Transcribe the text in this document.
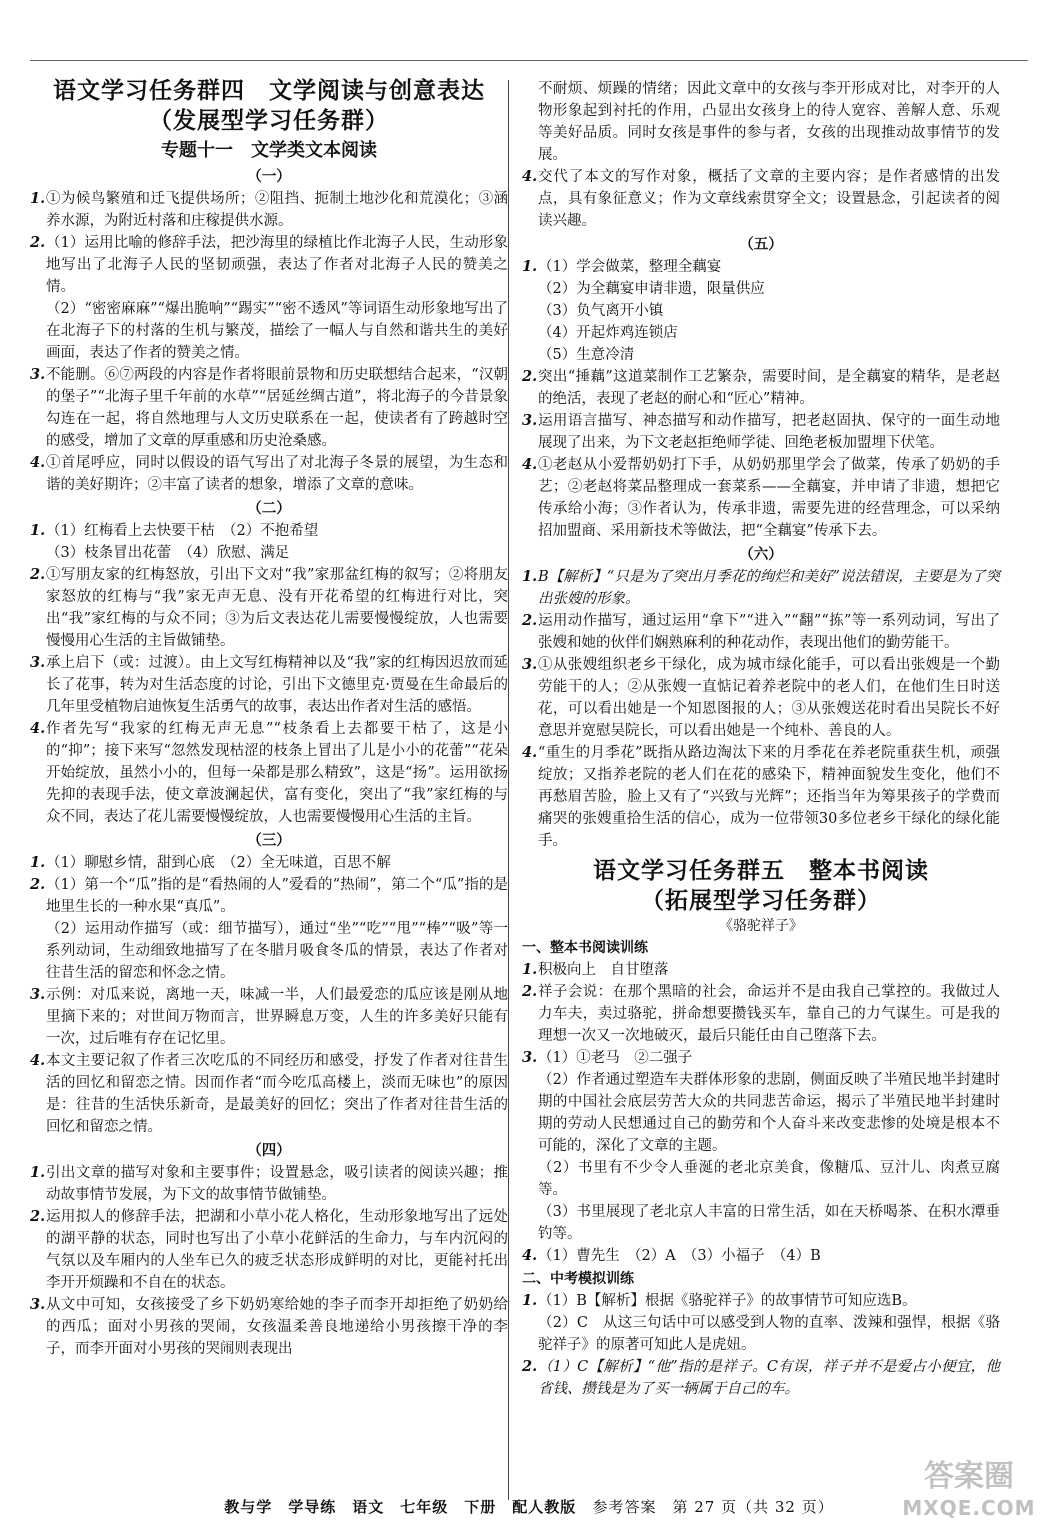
语文学习任务群四　文学阅读与创意表达

（发展型学习任务群）

专题十一　文学类文本阅读

（一）

1. ①为候鸟繁殖和迁飞提供场所；②阻挡、扼制土地沙化和荒漠化；③涵养水源，为附近村落和庄稼提供水源。
2. （1）运用比喻的修辞手法，把沙海里的绿植比作北海子人民，生动形象地写出了北海子人民的坚韧顽强，表达了作者对北海子人民的赞美之情。

（2）“密密麻麻”“爆出脆响”“踢实”“密不透风”等词语生动形象地写出了在北海子下的村落的生机与繁茂，描绘了一幅人与自然和谐共生的美好画面，表达了作者的赞美之情。

3. 不能删。⑥⑦两段的内容是作者将眼前景物和历史联想结合起来，“汉朝的堡子”“北海子里千年前的水草”“居延丝绸古道”，将北海子的今昔景象勾连在一起，将自然地理与人文历史联系在一起，使读者有了跨越时空的感受，增加了文章的厚重感和历史沧桑感。
4. ①首尾呼应，同时以假设的语气写出了对北海子冬景的展望，为生态和谐的美好期许；②丰富了读者的想象，增添了文章的意味。

（二）

1. （1）红梅看上去快要干枯　（2）不抱希望

（3）枝条冒出花蕾　（4）欣慰、满足

2. ①写朋友家的红梅怒放，引出下文对“我”家那盆红梅的叙写；②将朋友家怒放的红梅与“我”家无声无息、没有开花希望的红梅进行对比，突出“我”家红梅的与众不同；③为后文表达花儿需要慢慢绽放，人也需要慢慢用心生活的主旨做铺垫。
3. 承上启下（或：过渡）。由上文写红梅精神以及“我”家的红梅因迟放而延长了花事，转为对生活态度的讨论，引出下文德里克·贾曼在生命最后的几年里受植物启迪恢复生活勇气的故事，表达出作者对生活的感悟。
4. 作者先写“我家的红梅无声无息”“枝条看上去都要干枯了，这是小的“抑”；接下来写“忽然发现枯涩的枝条上冒出了儿是小小的花蕾”“花朵开始绽放，虽然小小的，但每一朵都是那么精致”，这是“扬”。运用欲扬先抑的表现手法，使文章波澜起伏，富有变化，突出了“我”家红梅的与众不同，表达了花儿需要慢慢绽放，人也需要慢慢用心生活的主旨。

（三）

1. （1）聊慰乡情，甜到心底　（2）全无味道，百思不解
2. （1）第一个“瓜”指的是“看热闹的人”爱看的“热闹”，第二个“瓜”指的是地里生长的一种水果“真瓜”。

（2）运用动作描写（或：细节描写），通过“坐”“吃”“甩”“棒”“吸”等一系列动词，生动细致地描写了在冬腊月吸食冬瓜的情景，表达了作者对往昔生活的留恋和怀念之情。

3. 示例：对瓜来说，离地一天，味减一半，人们最爱恋的瓜应该是刚从地里摘下来的；对世间万物而言，世界瞬息万变，人生的许多美好只能有一次，过后唯有存在记忆里。
4. 本文主要记叙了作者三次吃瓜的不同经历和感受，抒发了作者对往昔生活的回忆和留恋之情。因而作者“而今吃瓜高楼上，淡而无味也”的原因是：往昔的生活快乐新奇，是最美好的回忆；突出了作者对往昔生活的回忆和留恋之情。

（四）

1. 引出文章的描写对象和主要事件；设置悬念，吸引读者的阅读兴趣；推动故事情节发展，为下文的故事情节做铺垫。
2. 运用拟人的修辞手法，把湖和小草小花人格化，生动形象地写出了远处的湖平静的状态，同时也写出了小草小花鲜活的生命力，与车内沉闷的气氛以及车厢内的人坐车已久的疲乏状态形成鲜明的对比，更能衬托出李开开烦躁和不自在的状态。
3. 从文中可知，女孩接受了乡下奶奶寒给她的李子而李开却拒绝了奶奶给的西瓜；面对小男孩的哭闹，女孩温柔善良地递给小男孩擦干净的李子，而李开面对小男孩的哭闹则表现出

不耐烦、烦躁的情绪；因此文章中的女孩与李开形成对比，对李开的人物形象起到衬托的作用，凸显出女孩身上的待人宽容、善解人意、乐观等美好品质。同时女孩是事件的参与者，女孩的出现推动故事情节的发展。

4. 交代了本文的写作对象，概括了文章的主要内容；是作者感情的出发点，具有象征意义；作为文章线索贯穿全文；设置悬念，引起读者的阅读兴趣。

（五）

1. （1）学会做菜，整理全藕宴

（2）为全藕宴申请非遗，限量供应

（3）负气离开小镇

（4）开起炸鸡连锁店

（5）生意冷清

2. 突出“捶藕”这道菜制作工艺繁杂，需要时间，是全藕宴的精华，是老赵的绝活，表现了老赵的耐心和“匠心”精神。
3. 运用语言描写、神态描写和动作描写，把老赵固执、保守的一面生动地展现了出来，为下文老赵拒绝师学徒、回绝老板加盟埋下伏笔。
4. ①老赵从小爱帮奶奶打下手，从奶奶那里学会了做菜，传承了奶奶的手艺；②老赵将菜品整理成一套菜系——全藕宴，并申请了非遗，想把它传承给小海；③作者认为，传承非遗，需要先进的经营理念，可以采纳招加盟商、采用新技术等做法，把“全藕宴”传承下去。

（六）

1. B【解析】“只是为了突出月季花的绚烂和美好”说法错误，主要是为了突出张嫂的形象。
2. 运用动作描写，通过运用“拿下”“进入”“翻”“拣”等一系列动词，写出了张嫂和她的伙伴们娴熟麻利的种花动作，表现出他们的勤劳能干。
3. ①从张嫂组织老乡干绿化，成为城市绿化能手，可以看出张嫂是一个勤劳能干的人；②从张嫂一直惦记着养老院中的老人们，在他们生日时送花，可以看出她是一个知恩图报的人；③从张嫂送花时看出吴院长不好意思并宽慰吴院长，可以看出她是一个纯朴、善良的人。
4. “重生的月季花”既指从路边淘汰下来的月季花在养老院重获生机，顽强绽放；又指养老院的老人们在花的感染下，精神面貌发生变化，他们不再愁眉苦脸，脸上又有了“兴致与光辉”；还指当年为筹果孩子的学费而痛哭的张嫂重拾生活的信心，成为一位带领30多位老乡干绿化的绿化能手。

语文学习任务群五　整本书阅读

（拓展型学习任务群）

《骆驼祥子》

一、整本书阅读训练

1. 积极向上　自甘堕落
2. 祥子会说：在那个黑暗的社会，命运并不是由我自己掌控的。我做过人力车夫，卖过骆驼，拼命想要攒钱买车，靠自己的力气谋生。可是我的理想一次又一次地破灭，最后只能任由自己堕落下去。
3. （1）①老马　②二强子

（2）作者通过塑造车夫群体形象的悲剧，侧面反映了半殖民地半封建时期的中国社会底层劳苦大众的共同悲苦命运，揭示了半殖民地半封建时期的劳动人民想通过自己的勤劳和个人奋斗来改变悲惨的处境是根本不可能的，深化了文章的主题。

（2）书里有不少令人垂涎的老北京美食，像糖瓜、豆汁儿、肉煮豆腐等。

（3）书里展现了老北京人丰富的日常生活，如在天桥喝茶、在积水潭垂钓等。

4. （1）曹先生　（2）A　（3）小福子　（4）B

二、中考模拟训练

1. （1）B【解析】根据《骆驼祥子》的故事情节可知应选B。

（2）C　从这三句话中可以感受到人物的直率、泼辣和强悍，根据《骆驼祥子》的原著可知此人是虎妞。

2. （1）C【解析】“他”指的是祥子。C有误，祥子并不是爱占小便宜，他省钱、攒钱是为了买一辆属于自己的车。
教与学　学导练　语文　七年级　下册　配人教版 参考答案　第 27 页（共 32 页）
答案圈
MXQE.COM
